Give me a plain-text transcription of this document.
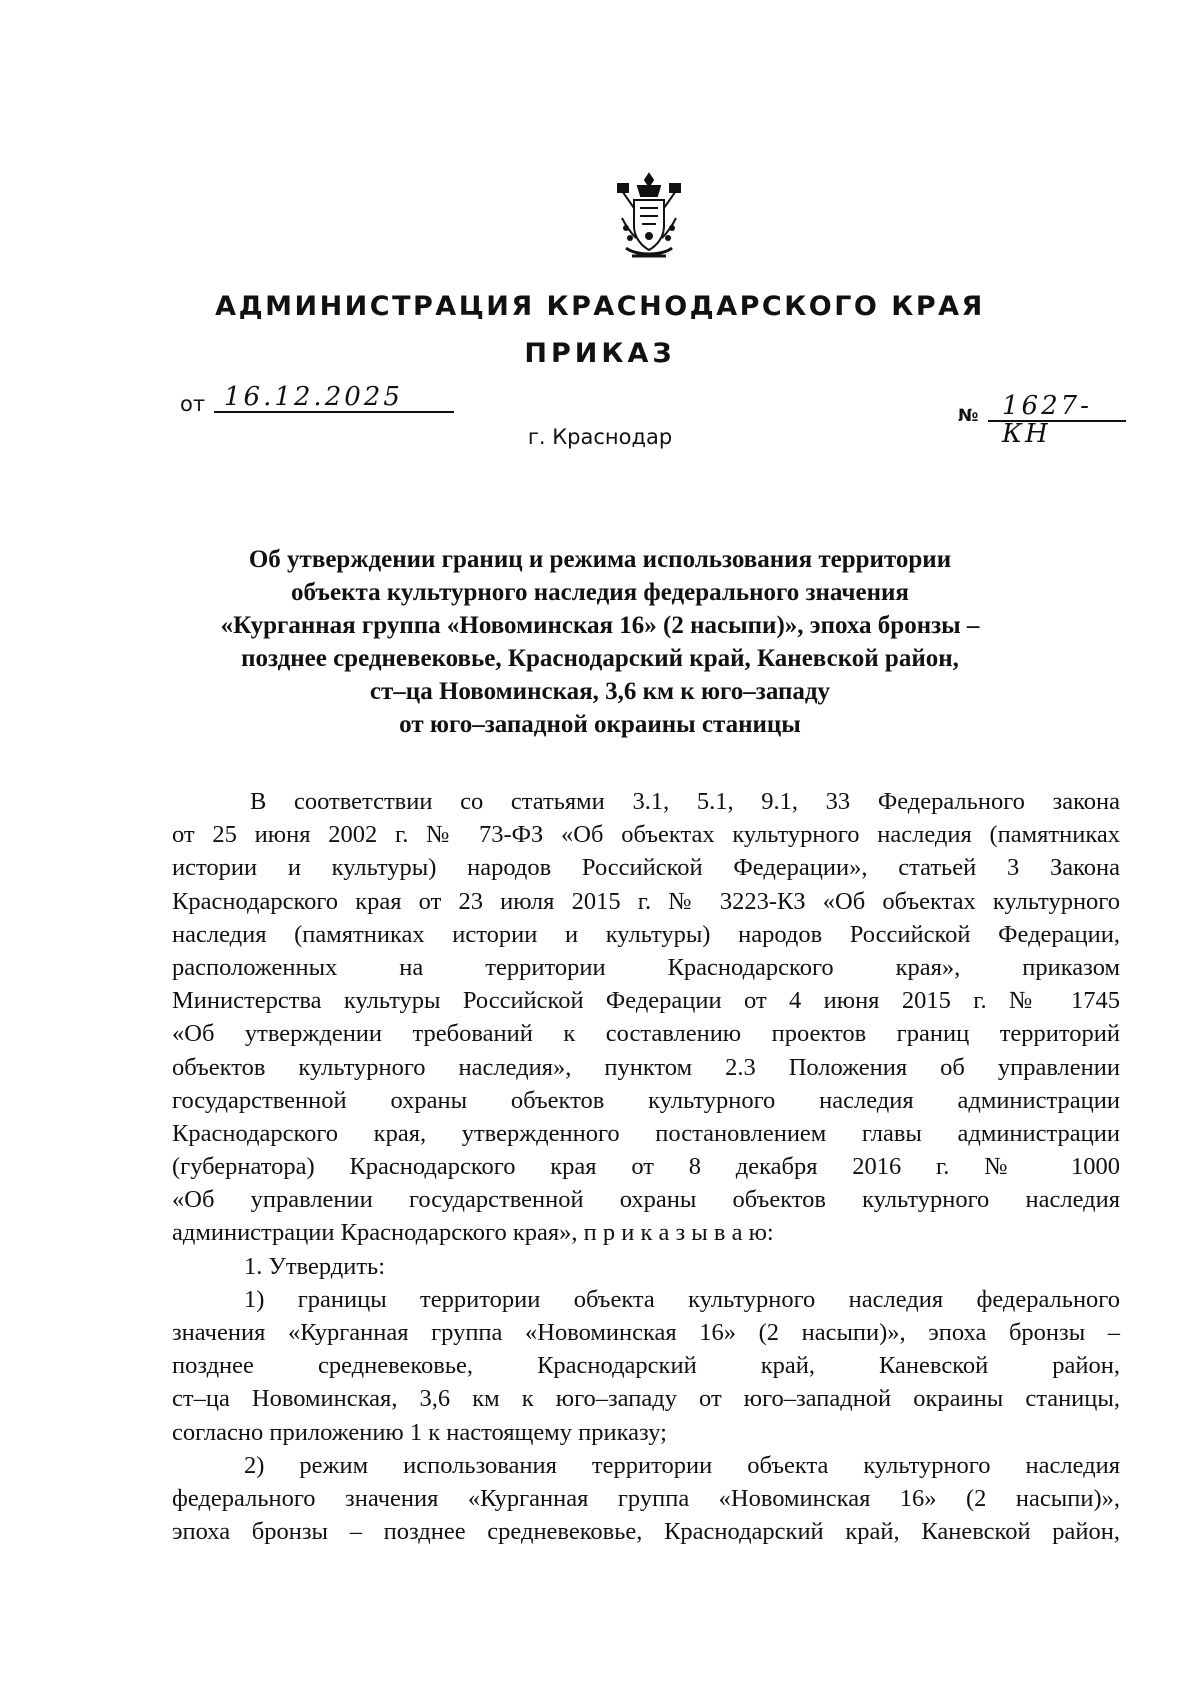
АДМИНИСТРАЦИЯ КРАСНОДАРСКОГО КРАЯ
ПРИКАЗ
от 16.12.2025
г. Краснодар
№ 1627-КН
Об утверждении границ и режима использования территории
объекта культурного наследия федерального значения
«Курганная группа «Новоминская 16» (2 насыпи)», эпоха бронзы –
позднее средневековье, Краснодарский край, Каневской район,
ст–ца Новоминская, 3,6 км к юго–западу
от юго–западной окраины станицы
В соответствии со статьями 3.1, 5.1, 9.1, 33 Федерального закона
от 25 июня 2002 г. № 73-ФЗ «Об объектах культурного наследия (памятниках
истории и культуры) народов Российской Федерации», статьей 3 Закона
Краснодарского края от 23 июля 2015 г. № 3223-КЗ «Об объектах культурного
наследия (памятниках истории и культуры) народов Российской Федерации,
расположенных на территории Краснодарского края», приказом
Министерства культуры Российской Федерации от 4 июня 2015 г. № 1745
«Об утверждении требований к составлению проектов границ территорий
объектов культурного наследия», пунктом 2.3 Положения об управлении
государственной охраны объектов культурного наследия администрации
Краснодарского края, утвержденного постановлением главы администрации
(губернатора) Краснодарского края от 8 декабря 2016 г. № 1000
«Об управлении государственной охраны объектов культурного наследия
администрации Краснодарского края», п р и к а з ы в а ю:
1. Утвердить:
1) границы территории объекта культурного наследия федерального
значения «Курганная группа «Новоминская 16» (2 насыпи)», эпоха бронзы –
позднее средневековье, Краснодарский край, Каневской район,
ст–ца Новоминская, 3,6 км к юго–западу от юго–западной окраины станицы,
согласно приложению 1 к настоящему приказу;
2) режим использования территории объекта культурного наследия
федерального значения «Курганная группа «Новоминская 16» (2 насыпи)»,
эпоха бронзы – позднее средневековье, Краснодарский край, Каневской район,
